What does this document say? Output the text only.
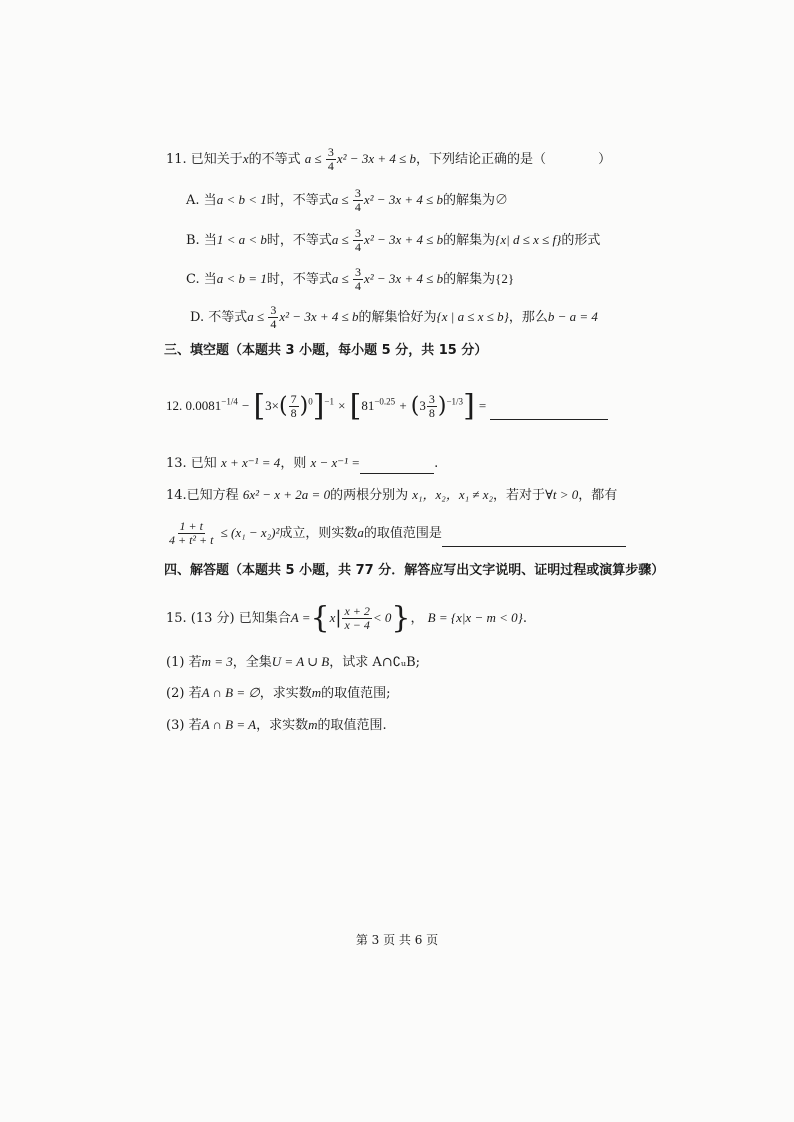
11. 已知关于x的不等式 $a \le \frac{3}{4} x^2 - 3x + 4 \le b$，下列结论正确的是（	）
A. 当a < b < 1时，不等式$a \le \frac{3}{4} x^2 - 3x + 4 \le b$的解集为∅
B. 当1 < a < b时，不等式$a \le \frac{3}{4} x^2 - 3x + 4 \le b$的解集为{x| d ≤ x ≤ f}的形式
C. 当a < b = 1时，不等式$a \le \frac{3}{4} x^2 - 3x + 4 \le b$的解集为{2}
D. 不等式$a \le \frac{3}{4} x^2 - 3x + 4 \le b$的解集恰好为{x | a ≤ x ≤ b}，那么b − a = 4
三、填空题（本题共 3 小题，每小题 5 分，共 15 分）
12. $0.0081^{-1/4} - [3\times( \frac{7}{8} )^0]^{-1} \times [81^{-0.25} + (3 \frac{3}{8} )^{-1/3}]$ =
13. 已知 x + x⁻¹ = 4，则 x − x⁻¹ =	.
14.已知方程 6x² − x + 2a = 0的两根分别为 x₁，x₂，x₁ ≠ x₂，若对于∀t > 0，都有
$\frac{1 + t}{\text{4 + t² + t}} \le (x_1 - x_2)^2$成立，则实数a的取值范围是
四、解答题（本题共 5 小题，共 77 分．解答应写出文字说明、证明过程或演算步骤）
15. (13 分) 已知集合$A =\{x| \frac{x + 2}{x - 4} < 0\}$， B = {x|x − m < 0}.
(1) 若m = 3，全集U = A ∪ B，试求 A∩∁ᵤB;
(2) 若A ∩ B = ∅，求实数m的取值范围;
(3) 若A ∩ B = A，求实数m的取值范围.
第 3 页 共 6 页
